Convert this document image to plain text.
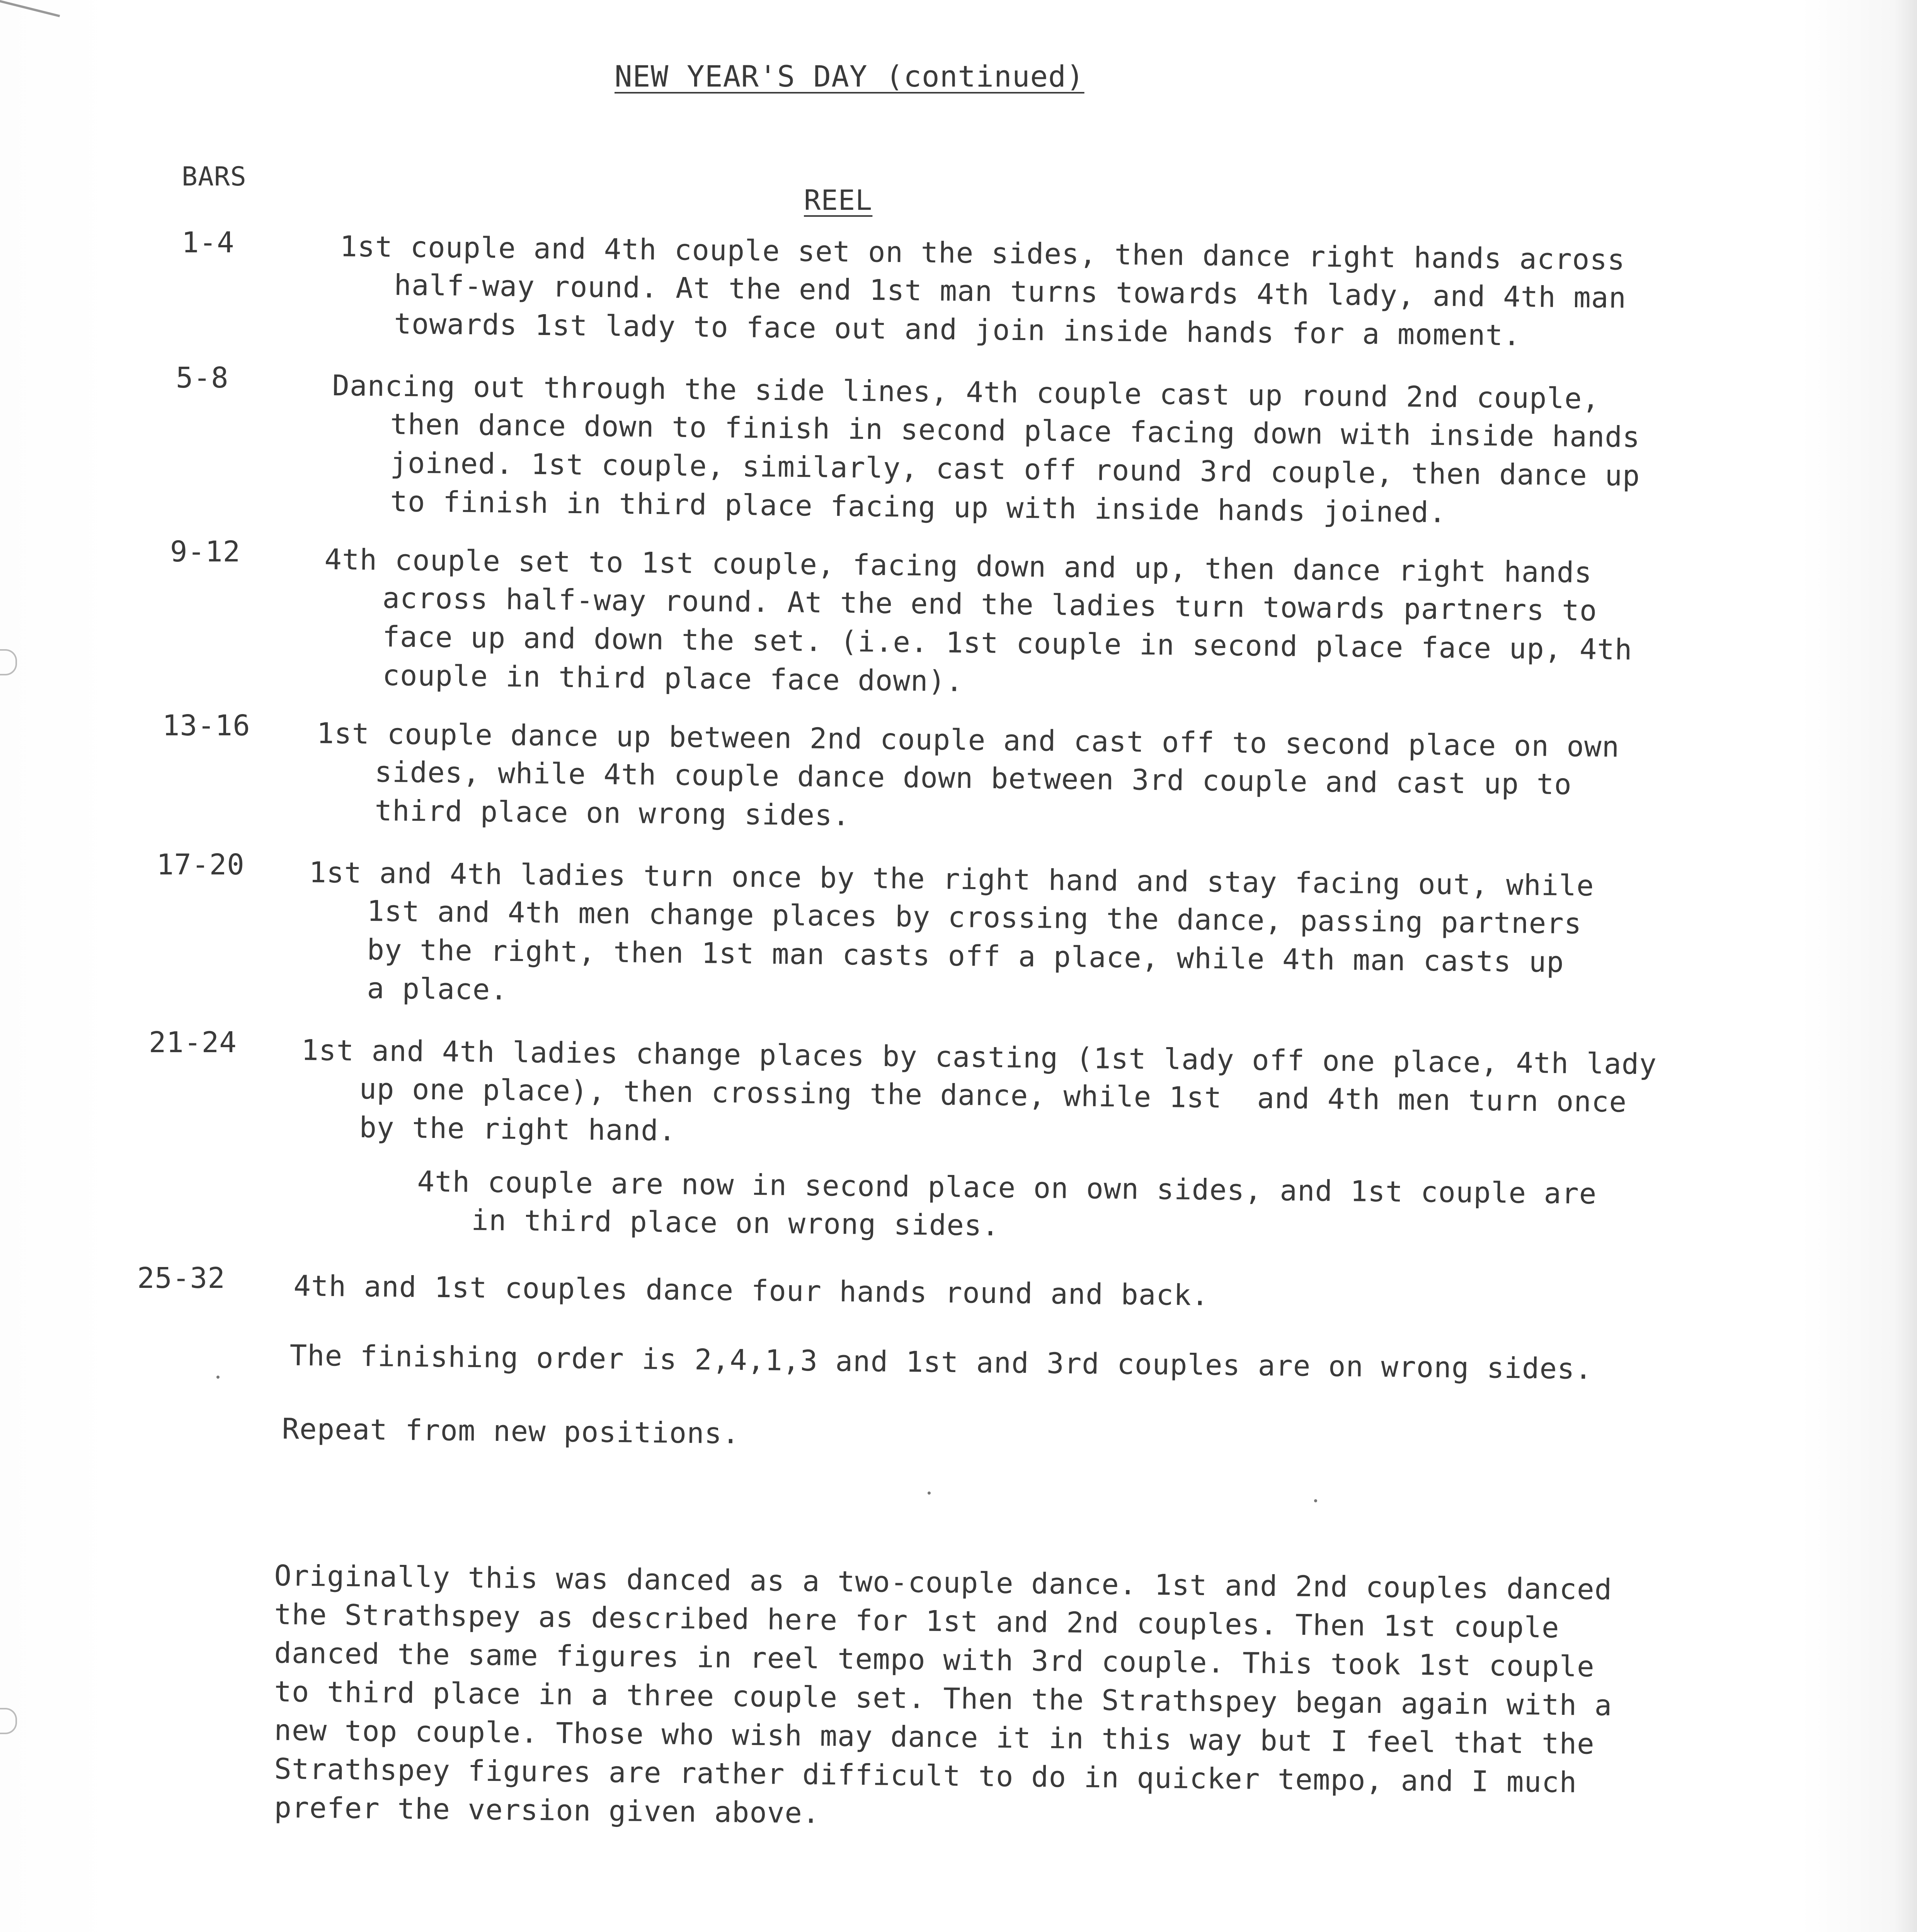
NEW YEAR'S DAY (continued)
BARS
REEL
1-4	1st couple and 4th couple set on the sides, then dance right hands across
half-way round. At the end 1st man turns towards 4th lady, and 4th man
towards 1st lady to face out and join inside hands for a moment.
5-8	Dancing out through the side lines, 4th couple cast up round 2nd couple,
then dance down to finish in second place facing down with inside hands
joined. 1st couple, similarly, cast off round 3rd couple, then dance up
to finish in third place facing up with inside hands joined.
9-12	4th couple set to 1st couple, facing down and up, then dance right hands
across half-way round. At the end the ladies turn towards partners to
face up and down the set. (i.e. 1st couple in second place face up, 4th
couple in third place face down).
13-16 1st couple dance up between 2nd couple and cast off to second place on own
sides, while 4th couple dance down between 3rd couple and cast up to
third place on wrong sides.
17-20 1st and 4th ladies turn once by the right hand and stay facing out, while
1st and 4th men change places by crossing the dance, passing partners
by the right, then 1st man casts off a place, while 4th man casts up
a place.
21-24 1st and 4th ladies change places by casting (1st lady off one place, 4th lady
up one place), then crossing the dance, while 1st  and 4th men turn once
by the right hand.
4th couple are now in second place on own sides, and 1st couple are
in third place on wrong sides.
25-32 4th and 1st couples dance four hands round and back.
The finishing order is 2,4,1,3 and 1st and 3rd couples are on wrong sides.
Repeat from new positions.
Originally this was danced as a two-couple dance. 1st and 2nd couples danced
the Strathspey as described here for 1st and 2nd couples. Then 1st couple
danced the same figures in reel tempo with 3rd couple. This took 1st couple
to third place in a three couple set. Then the Strathspey began again with a
new top couple. Those who wish may dance it in this way but I feel that the
Strathspey figures are rather difficult to do in quicker tempo, and I much
prefer the version given above.
